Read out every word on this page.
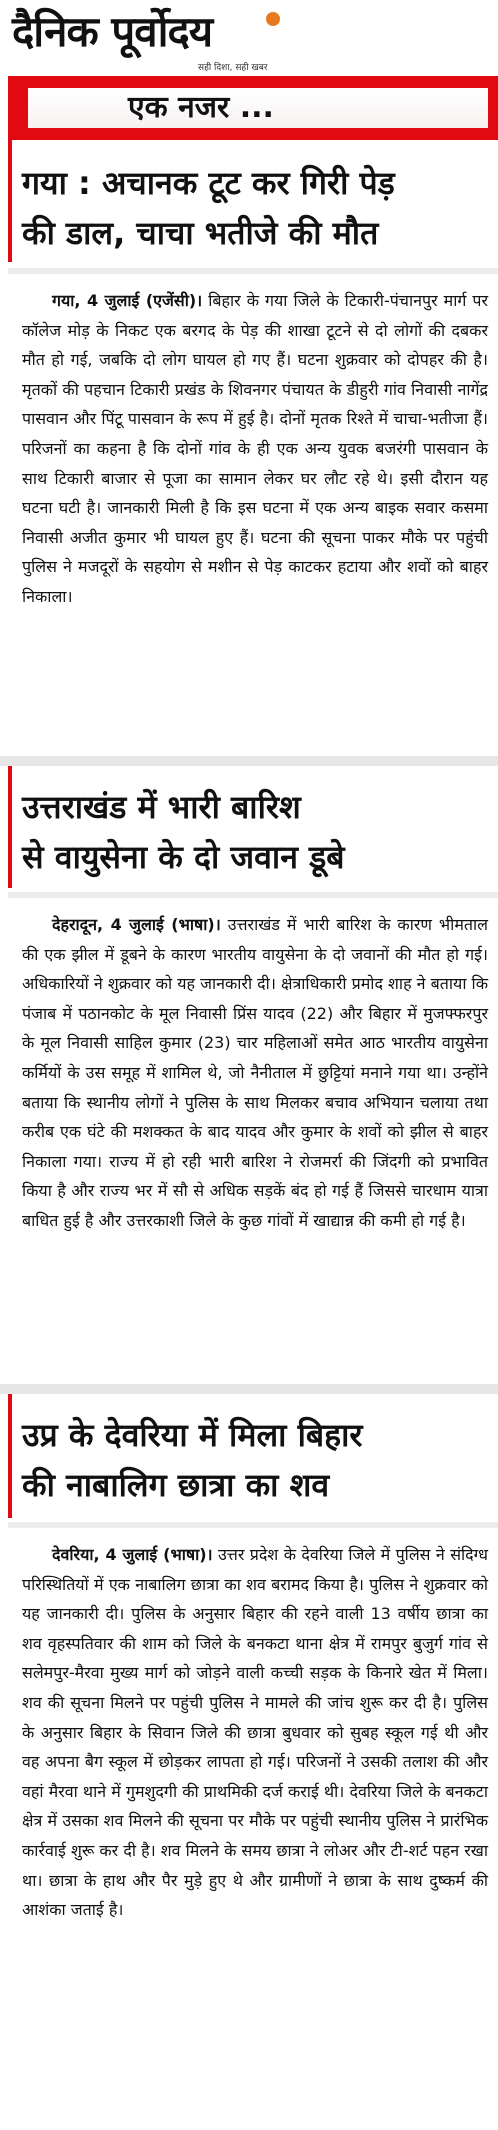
दैनिक पूर्वोदय
सही दिशा, सही खबर
एक नजर ...
गया : अचानक टूट कर गिरी पेड़
की डाल, चाचा भतीजे की मौत
गया, 4 जुलाई (एजेंसी)। बिहार के गया जिले के टिकारी-पंचानपुर मार्ग पर कॉलेज मोड़ के निकट एक बरगद के पेड़ की शाखा टूटने से दो लोगों की दबकर मौत हो गई, जबकि दो लोग घायल हो गए हैं। घटना शुक्रवार को दोपहर की है। मृतकों की पहचान टिकारी प्रखंड के शिवनगर पंचायत के डीहुरी गांव निवासी नागेंद्र पासवान और पिंटू पासवान के रूप में हुई है। दोनों मृतक रिश्ते में चाचा-भतीजा हैं। परिजनों का कहना है कि दोनों गांव के ही एक अन्य युवक बजरंगी पासवान के साथ टिकारी बाजार से पूजा का सामान लेकर घर लौट रहे थे। इसी दौरान यह घटना घटी है। जानकारी मिली है कि इस घटना में एक अन्य बाइक सवार कसमा निवासी अजीत कुमार भी घायल हुए हैं। घटना की सूचना पाकर मौके पर पहुंची पुलिस ने मजदूरों के सहयोग से मशीन से पेड़ काटकर हटाया और शवों को बाहर निकाला।
उत्तराखंड में भारी बारिश
से वायुसेना के दो जवान डूबे
देहरादून, 4 जुलाई (भाषा)। उत्तराखंड में भारी बारिश के कारण भीमताल की एक झील में डूबने के कारण भारतीय वायुसेना के दो जवानों की मौत हो गई। अधिकारियों ने शुक्रवार को यह जानकारी दी। क्षेत्राधिकारी प्रमोद शाह ने बताया कि पंजाब में पठानकोट के मूल निवासी प्रिंस यादव (22) और बिहार में मुजफ्फरपुर के मूल निवासी साहिल कुमार (23) चार महिलाओं समेत आठ भारतीय वायुसेना कर्मियों के उस समूह में शामिल थे, जो नैनीताल में छुट्टियां मनाने गया था। उन्होंने बताया कि स्थानीय लोगों ने पुलिस के साथ मिलकर बचाव अभियान चलाया तथा करीब एक घंटे की मशक्कत के बाद यादव और कुमार के शवों को झील से बाहर निकाला गया। राज्य में हो रही भारी बारिश ने रोजमर्रा की जिंदगी को प्रभावित किया है और राज्य भर में सौ से अधिक सड़कें बंद हो गई हैं जिससे चारधाम यात्रा बाधित हुई है और उत्तरकाशी जिले के कुछ गांवों में खाद्यान्न की कमी हो गई है।
उप्र के देवरिया में मिला बिहार
की नाबालिग छात्रा का शव
देवरिया, 4 जुलाई (भाषा)। उत्तर प्रदेश के देवरिया जिले में पुलिस ने संदिग्ध परिस्थितियों में एक नाबालिग छात्रा का शव बरामद किया है। पुलिस ने शुक्रवार को यह जानकारी दी। पुलिस के अनुसार बिहार की रहने वाली 13 वर्षीय छात्रा का शव वृहस्पतिवार की शाम को जिले के बनकटा थाना क्षेत्र में रामपुर बुजुर्ग गांव से सलेमपुर-मैरवा मुख्य मार्ग को जोड़ने वाली कच्ची सड़क के किनारे खेत में मिला। शव की सूचना मिलने पर पहुंची पुलिस ने मामले की जांच शुरू कर दी है। पुलिस के अनुसार बिहार के सिवान जिले की छात्रा बुधवार को सुबह स्कूल गई थी और वह अपना बैग स्कूल में छोड़कर लापता हो गई। परिजनों ने उसकी तलाश की और वहां मैरवा थाने में गुमशुदगी की प्राथमिकी दर्ज कराई थी। देवरिया जिले के बनकटा क्षेत्र में उसका शव मिलने की सूचना पर मौके पर पहुंची स्थानीय पुलिस ने प्रारंभिक कार्रवाई शुरू कर दी है। शव मिलने के समय छात्रा ने लोअर और टी-शर्ट पहन रखा था। छात्रा के हाथ और पैर मुड़े हुए थे और ग्रामीणों ने छात्रा के साथ दुष्कर्म की आशंका जताई है।
